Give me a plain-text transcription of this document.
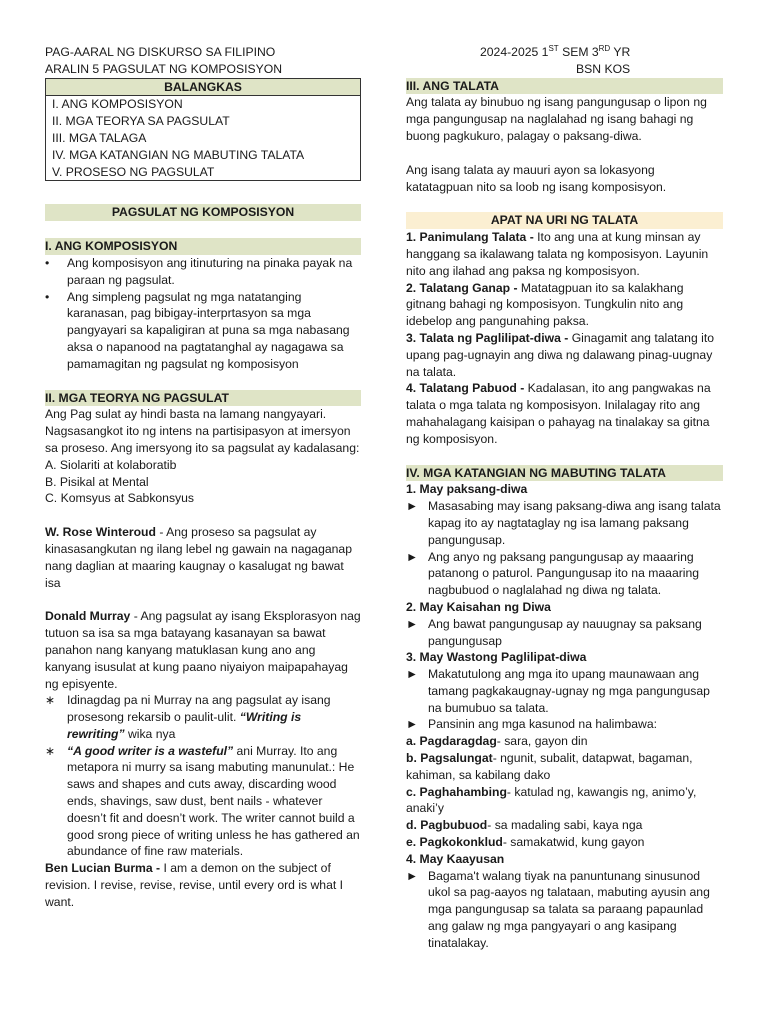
PAG-AARAL NG DISKURSO SA FILIPINO

ARALIN 5 PAGSULAT NG KOMPOSISYON

BALANGKAS
I. ANG KOMPOSISYON
II. MGA TEORYA SA PAGSULAT
III. MGA TALAGA
IV. MGA KATANGIAN NG MABUTING TALATA
V. PROSESO NG PAGSULAT

PAGSULAT NG KOMPOSISYON

I. ANG KOMPOSISYON

•	Ang komposisyon ang itinuturing na pinaka payak na paraan ng pagsulat.
•	Ang simpleng pagsulat ng mga natatanging karanasan, pag bibigay-interprtasyon sa mga pangyayari sa kapaligiran at puna sa mga nabasang aksa o napanood na pagtatanghal ay nagagawa sa pamamagitan ng pagsulat ng komposisyon

II. MGA TEORYA NG PAGSULAT

Ang Pag sulat ay hindi basta na lamang nangyayari. Nagsasangkot ito ng intens na partisipasyon at imersyon sa proseso. Ang imersyong ito sa pagsulat ay kadalasang:

A. Siolariti at kolaboratib

B. Pisikal at Mental

C. Komsyus at Sabkonsyus

W. Rose Winteroud - Ang proseso sa pagsulat ay kinasasangkutan ng ilang lebel ng gawain na nagaganap nang daglian at maaring kaugnay o kasalugat ng bawat isa

Donald Murray - Ang pagsulat ay isang Eksplorasyon nag tutuon sa isa sa mga batayang kasanayan sa bawat panahon nang kanyang matuklasan kung ano ang kanyang isusulat at kung paano niyaiyon maipapahayag ng episyente.

∗ Idinagdag pa ni Murray na ang pagsulat ay isang prosesong rekarsib o paulit-ulit. “Writing is rewriting” wika nya
∗ “A good writer is a wasteful” ani Murray. Ito ang metapora ni murry sa isang mabuting manunulat.: He saws and shapes and cuts away, discarding wood ends, shavings, saw dust, bent nails - whatever doesn’t fit and doesn’t work. The writer cannot build a good srong piece of writing unless he has gathered an abundance of fine raw materials.

Ben Lucian Burma - I am a demon on the subject of revision. I revise, revise, revise, until every ord is what I want.

2024-2025 1ST SEM 3RD YR

BSN KOS

III. ANG TALATA

Ang talata ay binubuo ng isang pangungusap o lipon ng mga pangungusap na naglalahad ng isang bahagi ng buong pagkukuro, palagay o paksang-diwa.

Ang isang talata ay mauuri ayon sa lokasyong katatagpuan nito sa loob ng isang komposisyon.

APAT NA URI NG TALATA

1. Panimulang Talata - Ito ang una at kung minsan ay hanggang sa ikalawang talata ng komposisyon. Layunin nito ang ilahad ang paksa ng komposisyon.

2. Talatang Ganap - Matatagpuan ito sa kalakhang gitnang bahagi ng komposisyon. Tungkulin nito ang idebelop ang pangunahing paksa.

3. Talata ng Paglilipat-diwa - Ginagamit ang talatang ito upang pag-ugnayin ang diwa ng dalawang pinag-uugnay na talata.

4. Talatang Pabuod - Kadalasan, ito ang pangwakas na talata o mga talata ng komposisyon. Inilalagay rito ang mahahalagang kaisipan o pahayag na tinalakay sa gitna ng komposisyon.

IV. MGA KATANGIAN NG MABUTING TALATA

1. May paksang-diwa

► Masasabing may isang paksang-diwa ang isang talata kapag ito ay nagtataglay ng isa lamang paksang pangungusap.
► Ang anyo ng paksang pangungusap ay maaaring patanong o paturol. Pangungusap ito na maaaring nagbubuod o naglalahad ng diwa ng talata.

2. May Kaisahan ng Diwa

► Ang bawat pangungusap ay nauugnay sa paksang pangungusap

3. May Wastong Paglilipat-diwa

► Makatutulong ang mga ito upang maunawaan ang tamang pagkakaugnay-ugnay ng mga pangungusap na bumubuo sa talata.
► Pansinin ang mga kasunod na halimbawa:

a. Pagdaragdag- sara, gayon din

b. Pagsalungat- ngunit, subalit, datapwat, bagaman, kahiman, sa kabilang dako

c. Paghahambing- katulad ng, kawangis ng, animo’y, anaki’y

d. Pagbubuod- sa madaling sabi, kaya nga

e. Pagkokonklud- samakatwid, kung gayon

4. May Kaayusan

► Bagama't walang tiyak na panuntunang sinusunod ukol sa pag-aayos ng talataan, mabuting ayusin ang mga pangungusap sa talata sa paraang papaunlad ang galaw ng mga pangyayari o ang kasipang tinatalakay.
